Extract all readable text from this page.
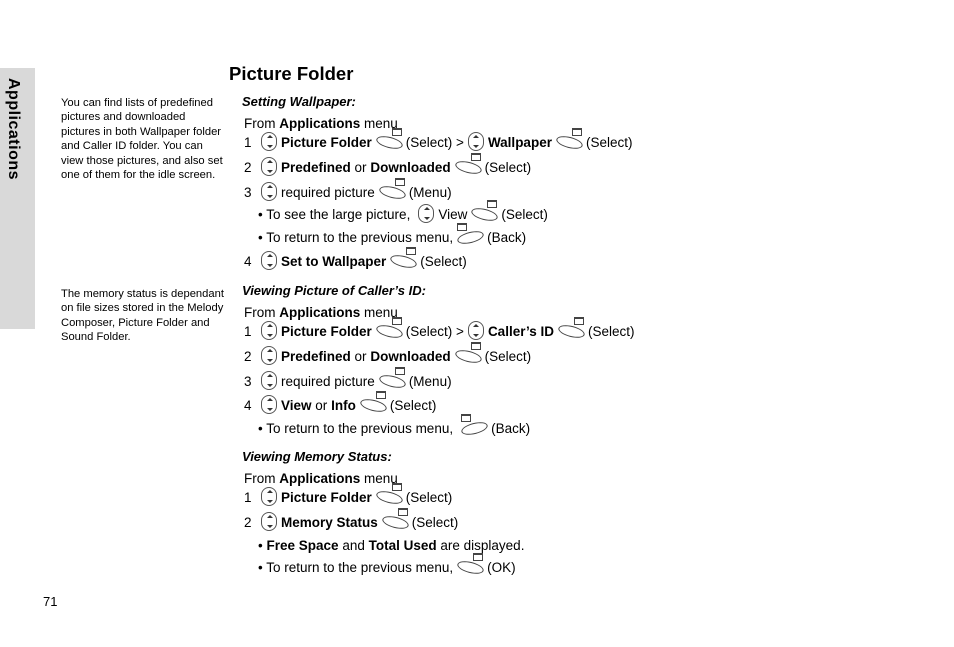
Applications	You can find lists of predefined pictures and downloaded pictures in both Wallpaper folder and Caller ID folder. You can view those pictures, and also set one of them for the idle screen.
The memory status is dependant on file sizes stored in the Melody Composer, Picture Folder and Sound Folder.
Picture Folder
Setting Wallpaper:
From
Applications
menu
1	Picture Folder	(Select) > Wallpaper	(Select)
2	Predefined
or
Downloaded	(Select)
3	required picture	(Menu)
• To see the large picture, View	(Select)
• To return to the previous menu,	(Back)
4	Set to Wallpaper	(Select)
Viewing Picture of Caller’s ID:
From
Applications
menu
1	Picture Folder	(Select) > Caller’s ID	(Select)
2	Predefined
or
Downloaded	(Select)
3	required picture	(Menu)
4	View
or
Info	(Select)
• To return to the previous menu,	(Back)
Viewing Memory Status:
From
Applications
menu
1	Picture Folder	(Select)
2	Memory Status	(Select)
•
Free Space
and
Total Used
are displayed.
• To return to the previous menu,	(OK)
71
